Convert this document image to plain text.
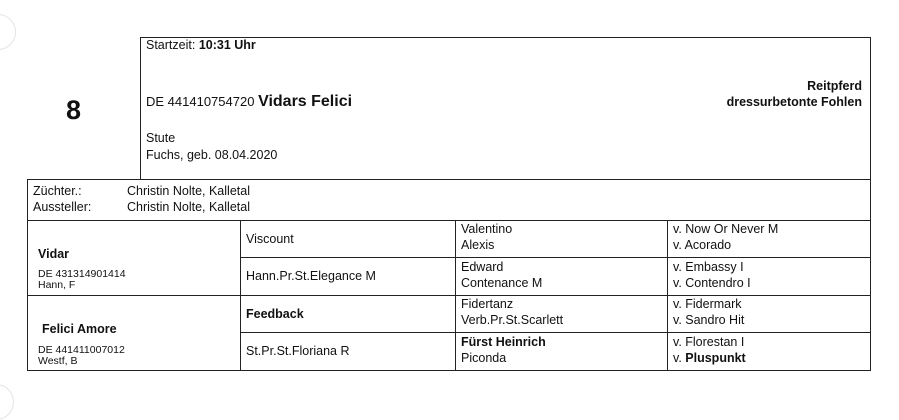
8
Startzeit: 10:31 Uhr
DE 441410754720 Vidars Felici
Stute
Fuchs, geb. 08.04.2020
Reitpferd
dressurbetonte Fohlen
Züchter.:	Christin Nolte, Kalletal
Aussteller:	Christin Nolte, Kalletal
Vidar
DE 431314901414
Hann, F
Felici Amore
DE 441411007012
Westf, B
Viscount
Hann.Pr.St.Elegance M
Feedback
St.Pr.St.Floriana R
Valentino
Alexis
Edward
Contenance M
Fidertanz
Verb.Pr.St.Scarlett
Fürst Heinrich
Piconda
v. Now Or Never M
v. Acorado
v. Embassy I
v. Contendro I
v. Fidermark
v. Sandro Hit
v. Florestan I
v. Pluspunkt
